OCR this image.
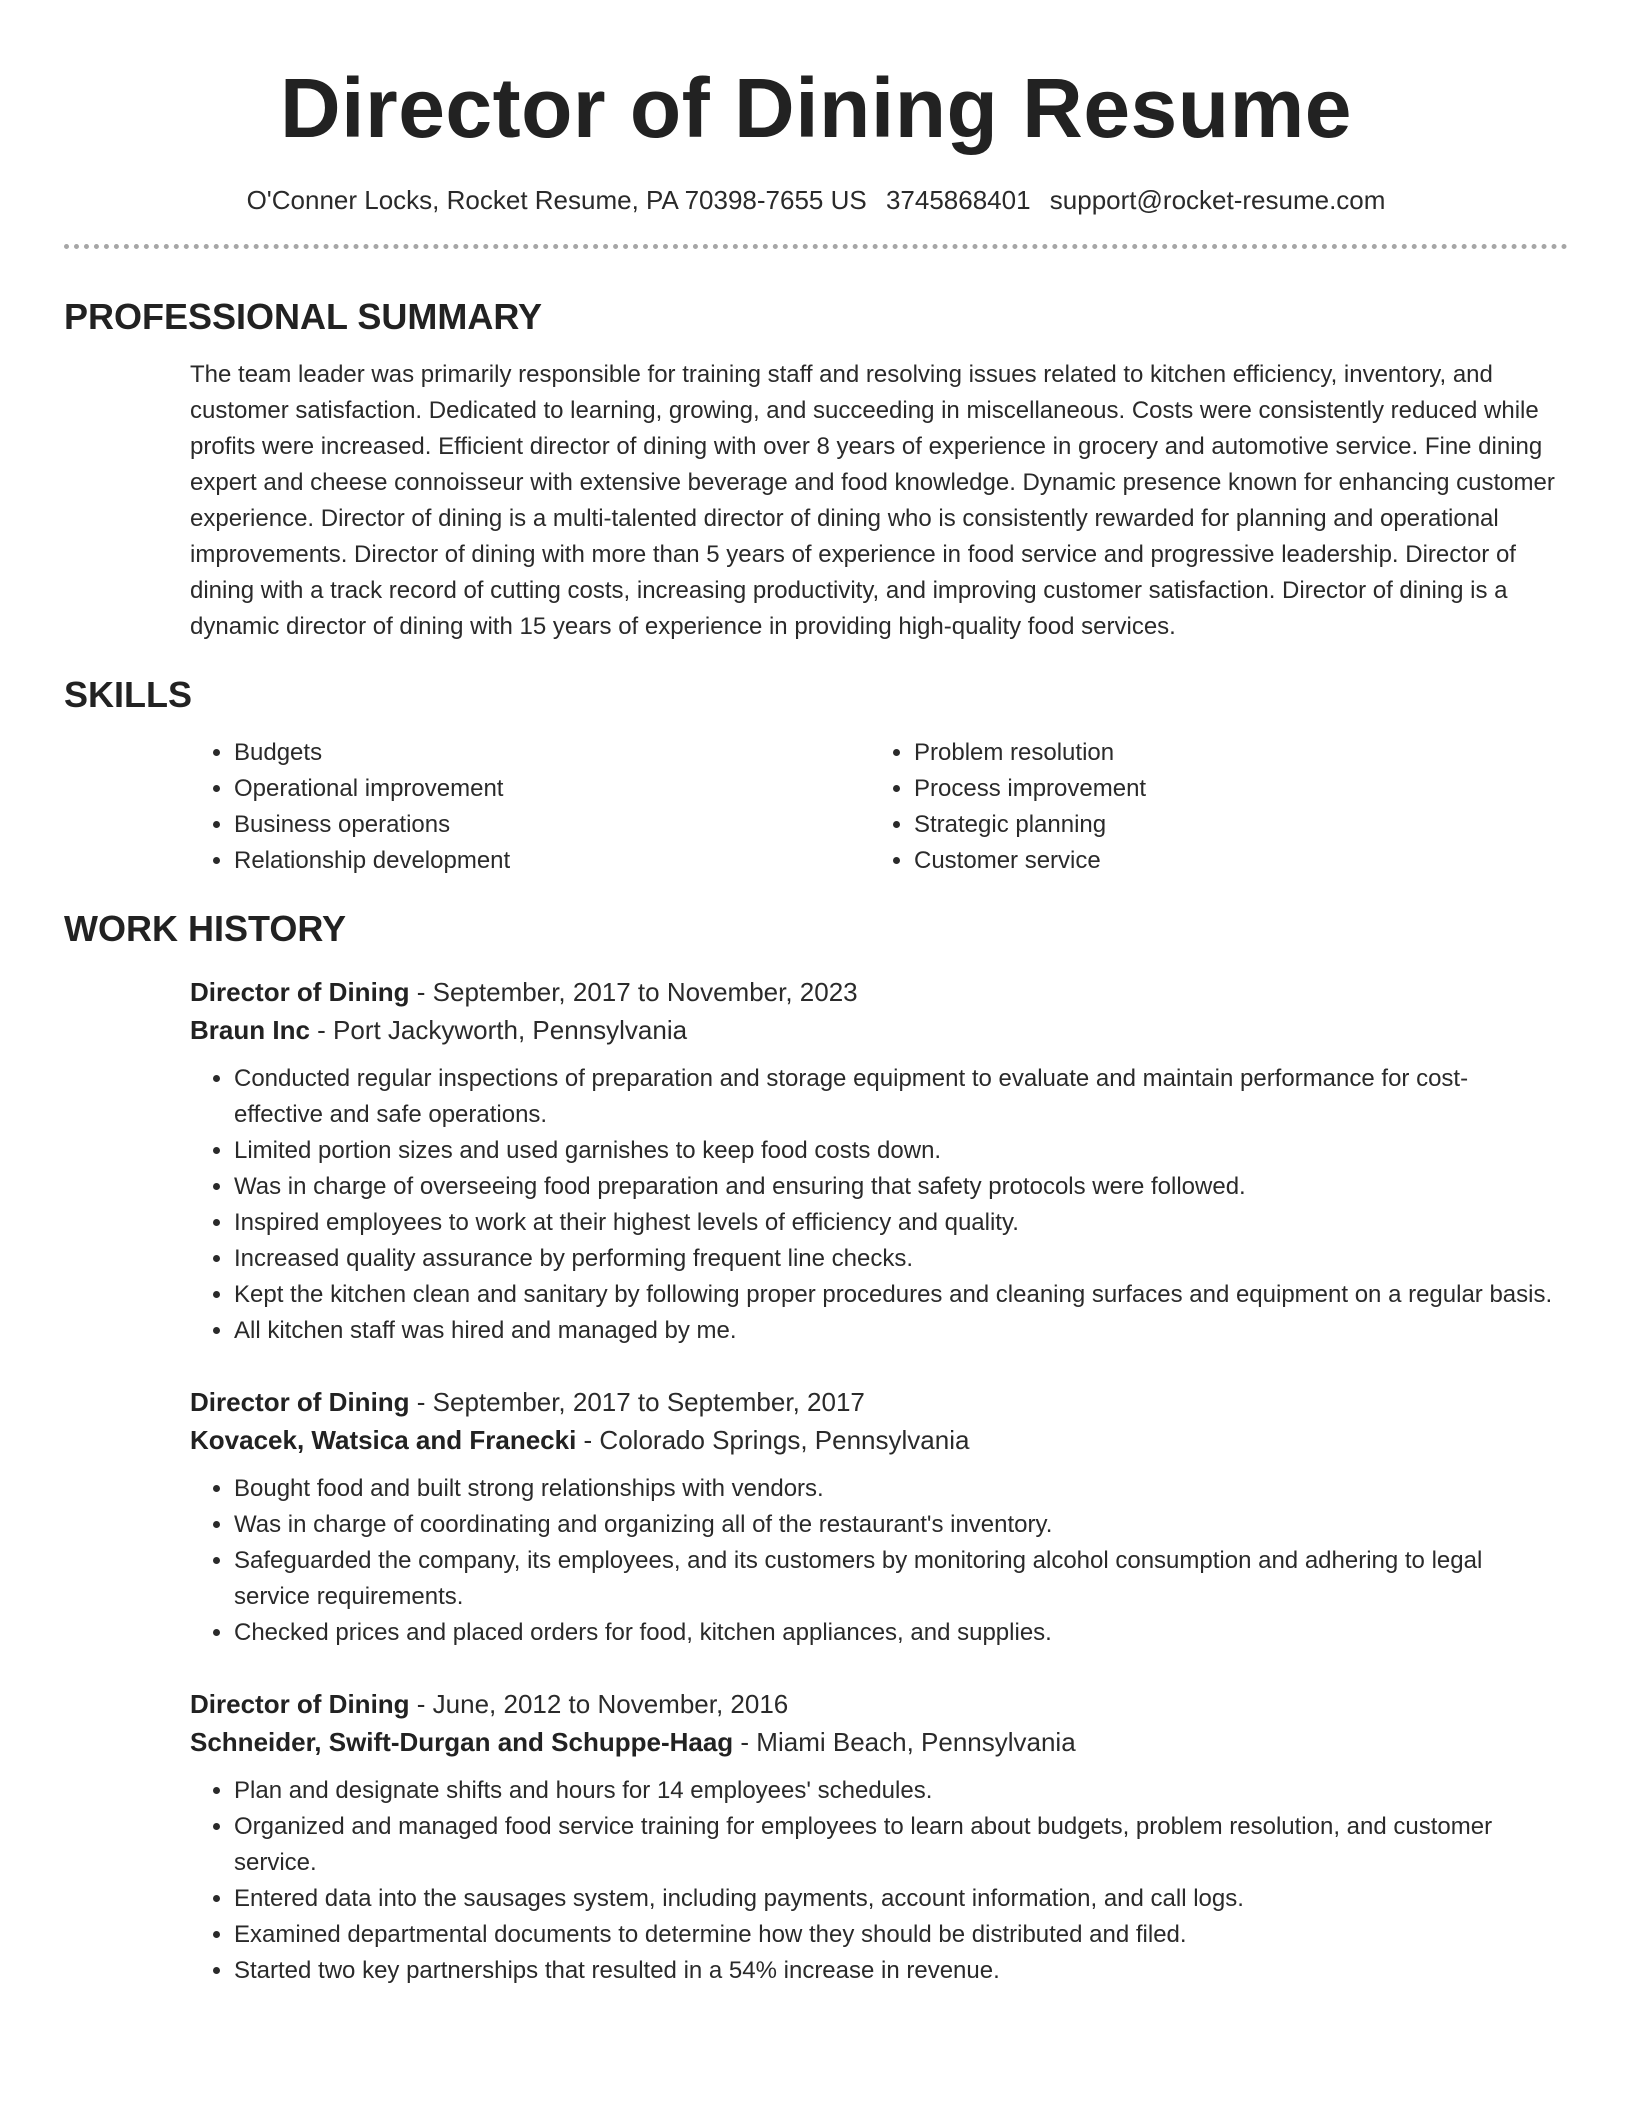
Director of Dining Resume
O'Conner Locks, Rocket Resume, PA 70398-7655 US 3745868401 support@rocket-resume.com
PROFESSIONAL SUMMARY

The team leader was primarily responsible for training staff and resolving issues related to kitchen efficiency, inventory, and customer satisfaction. Dedicated to learning, growing, and succeeding in miscellaneous. Costs were consistently reduced while profits were increased. Efficient director of dining with over 8 years of experience in grocery and automotive service. Fine dining expert and cheese connoisseur with extensive beverage and food knowledge. Dynamic presence known for enhancing customer experience. Director of dining is a multi-talented director of dining who is consistently rewarded for planning and operational improvements. Director of dining with more than 5 years of experience in food service and progressive leadership. Director of dining with a track record of cutting costs, increasing productivity, and improving customer satisfaction. Director of dining is a dynamic director of dining with 15 years of experience in providing high-quality food services.

SKILLS
• Budgets
• Operational improvement
• Business operations
• Relationship development
• Problem resolution
• Process improvement
• Strategic planning
• Customer service
WORK HISTORY
Director of Dining - September, 2017 to November, 2023
Braun Inc - Port Jackyworth, Pennsylvania
• Conducted regular inspections of preparation and storage equipment to evaluate and maintain performance for cost-effective and safe operations.
• Limited portion sizes and used garnishes to keep food costs down.
• Was in charge of overseeing food preparation and ensuring that safety protocols were followed.
• Inspired employees to work at their highest levels of efficiency and quality.
• Increased quality assurance by performing frequent line checks.
• Kept the kitchen clean and sanitary by following proper procedures and cleaning surfaces and equipment on a regular basis.
• All kitchen staff was hired and managed by me.
Director of Dining - September, 2017 to September, 2017
Kovacek, Watsica and Franecki - Colorado Springs, Pennsylvania
• Bought food and built strong relationships with vendors.
• Was in charge of coordinating and organizing all of the restaurant's inventory.
• Safeguarded the company, its employees, and its customers by monitoring alcohol consumption and adhering to legal service requirements.
• Checked prices and placed orders for food, kitchen appliances, and supplies.
Director of Dining - June, 2012 to November, 2016
Schneider, Swift-Durgan and Schuppe-Haag - Miami Beach, Pennsylvania
• Plan and designate shifts and hours for 14 employees' schedules.
• Organized and managed food service training for employees to learn about budgets, problem resolution, and customer service.
• Entered data into the sausages system, including payments, account information, and call logs.
• Examined departmental documents to determine how they should be distributed and filed.
• Started two key partnerships that resulted in a 54% increase in revenue.
